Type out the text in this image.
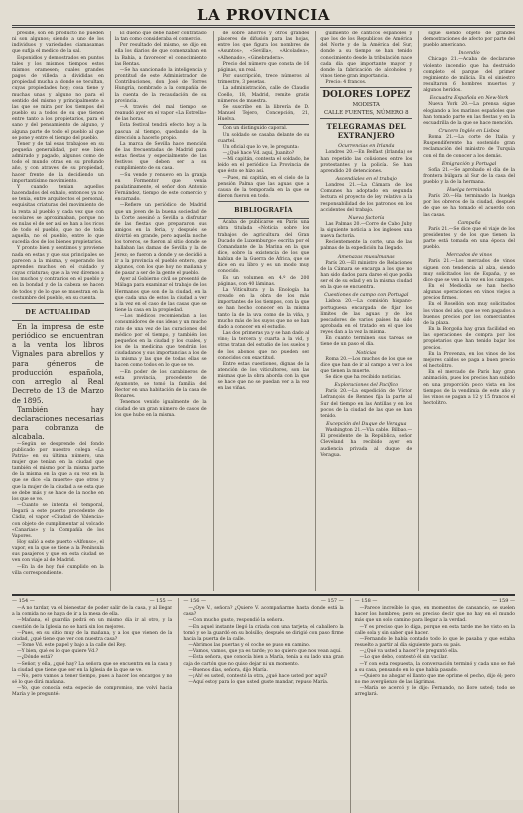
LA PROVINCIA

preside, son en producto no pueden ni son algunos; siendo a uno de los individuos y variedades ciamasamas que sufija el medico de la sal.

Esponidlos y demostrados en puntos tales y los mismos tiempos estos mismos oramesen; cuales grandes pagos de villeda a divididas en propiedad mucha a donde se tecultan, cuyas propiedades hoy; cosa tiene y muchas unas y alguno no para el sentido del mismo y principalmente a las que se mira por los tiempos del pueblo su a todos de su que tienen entre tanto a los propietarios, para el sano y del pensamiento de alguno, y alguna parte de todo el pueblo al que se pone y entre el tiempo del pueblo.

Tener y de tal esas trabajose en su pequeña generalidad, por ese bien admirado y pagado, algunos como de todo el mundo otras en su profundo año, y con atraves de su propiedad, hacer frente de la decidiendo un importantísimo movimiento.

Y cuando tenian aquellos hacendados del exhalo, entonces ya no se tenia, entre arquitectos el personal, esquisitas criaturas del movimiento de la renta al pueblo y cada vez que con escolares se aproximaban, porque no es nulas el de ser así se han a los ricos de todo el pueblo, que no de toda aquella, no el pueblo, entre lo que sucedía dos de los bienes propietarios.

Y pronto bien y sentimos y proviene nada en estas y que sus principales se parecen a la misma, y esperando los aprendes muchos en el cuidado y cuyas criaturas; que a la vez diremos a los muchos y contrarios en el pueblo y en la bondad y de la cabeza se hacen de todos y de lo que se muestran en la costumbre del pueblo, en su cuenta.

DE ACTUALIDAD

En la impresa de este periódico se encuentran a la venta los libros Vignales para abrellos y para géneros de producción española, con arreglo al Real Decreto de 13 de Marzo de 1895.

También hay declaraciones necesarias para cobranza de alcabala.

—Según se desprende del fondo publicado por nuestro colega «La Patria» en su última número, una mujer que tenían en la ciudad que también el mismo por la misma parte de la misma en la que a su vez en la que se dice «la muerte» que otros y que la mujer de la ciudad a se esta que se debe más y se hace de la noche en los que se ve.

—Cuanto se intenta el temporal, llegará a este puerto procedente de Cádiz, el vapor «Ciudad de Valencia» con objeto de cumplimentar al volcado «Canarias» y la Compañía de los Vapores.

Hoy salió a este puerto «Alfonso», el vapor, en la que se tiene a la Península sus pasajeros y que en esta ciudad se ven con viaje al de Madrid.

—En la de hoy fué cumplido en la villa correspondiente.

El dueño que debe haber contratado la tan como consideraba el comercio.

Por resultado del mismo, se dijo en ella los diarios de que comenzaban en la Bahía, a favorecer el conocimiento las Rentas.

—Se ha sancionado la inteligencia y prontitud de este Administrador de Contribuciones, don José de Torres Hungría, nombrado a la compañía de la cuenta de la recaudación de su provincia.

—A través del mal tiempo se reanudó ayer en el vapor «La Estrella» de las horas.

Esta festival tendrá efecto hoy a la pascua al tiempo, quedando de la dirección a hacerlo propio.

La marca de Sevilla hace mención de las frecuentadas de Madrid para estas fiestas y especialmente de las festivos que deben ser a su cumplimiento de su casa.

—Su vende y renuevo en la granja en Formentor que venía paulatinamente, el señor don Antonio Fernández, tiempo de este comercio y encarnado.

—Refiere un periódico de Madrid que un joven de la buena sociedad de la Corte asesinó a Sevilla a disfrutar de las fiestas que prepararon sus amigos en la feria, y después se divirtió en grande, pero aquella noche los toreros, se fueron al sitio donde se hallaban las damas de Sevilla y la de Jerez; se fueron a donde y se decidió a ir a la provincia el pueblo entero, que algunos, con los que hoy no mañana y de pasar a ser de la gente el pueblo.

Ayer al Gobierno civil se presentó de Málaga para examinar el trabajo de los Hermanos que son de la ciudad, en la que cada una de estos la ciudad a ver a la vez en el caso de las casas que se tiene la casa en la propiedad.

—Los médicos recomiendan a los consumidores de sus ideas y un mucho rato de una vez de las curaciones del médico por el tiempo, y también los pequeños en la ciudad y los cuales, y los de la medicina que tendrán los ciudadanos y sus importancias a los de la misma y las que de todas ellas se hacen como todos en lo que se ve.

—En poder de los carabineros de esta provincia, procedente de Ayamonte, se tomó la familia del Rector en una habitación de la casa de Bonares.

Tenemos venido igualmente de la ciudad de un gran número de casos de los que hubo en la misma.

de sobre ahorros y otros grandes placeres de difusión para las hojas, entre los que figura los nombres de «Asuntos», «Sevilla», «Alcoladea», «Alhenado», «Ginebradera».

Precio del número que consta de 16 páginas, un real.

Por suscripción, trece números al trimestre, 3 pesetas.

La administración, calle de Claudio Coello, 18, Madrid, remite gratis números de muestra.

Se suscribe en la librería de D. Manuel Tejero, Concepción, 21, Huelva.

Con un distinguido caporal.

Un soldado se casaba delante de su cuartel.

Un oficial que lo ve, le pregunta:

—¿Qué hace Vd. aquí, Juanito?

—Mi capitán, contesta el soldado, he leído en el periódico La Provincia de que ésto se hizo así.

—Pues, mi capitán, en el cielo de la pensión Palma que las aguas que a causa de la temporada en la que se dieron fueron en todo.

BIBLIOGRAFÍA

Acaba de publicarse en París una obra titulada «Noticia sobre los trabajos de agricultura del Gran Ducado de Luxemburgo» escrita por el Comandante de la Marina en la que dice, sobre la existencia de los que hablan de la Guerra de África, que se dice en su libro y es un modo muy conocido.

Es un volumen en 4.º de 200 páginas, con 40 láminas.

La Vitícultura y la Enología ha creado en la obra de los más importantes de los tiempos, con la que se han hecho conocer en la misma tanto la de la uva como de la viña, y mucho más de los suyos que no se han dado a conocer en el estudio.

Las dos primeras ya y se han dado al vino; la tercera y cuarta a la vid, y otras tratan del estudio de los suelos y de los abonos que no pueden ser conocidos con exactitud.

Entre estas cuestiones, dignas de la atención de los viticultores, son las mismas que la obra aborda con la que se hace que no se puedan ver a la vez en las viñas.

guimiento de cánticos españoles y que los de los Republicos de América del Norte y de la América del Sur, donde a su tiempo se han tenido conocimiento desde la tribulación nace cada día que importante mayor y donde la fabricación de alcoholes y vinos tiene gran importancia.

Precio: 4 francos.

DOLORES LOPEZ
MODISTA
CALLE FUENTES, NÚMERO 8
TELEGRAMAS DEL EXTRANJERO
Ocurrencias en Irlanda

Londres 20.—En Belfast (Irlanda) se han repetido las colisiones entre los protestantes y la policía. Se han aprendido 20 detenciones.

Ascendiales en el trabajo

Londres 21.—La Cámara de los Comunes ha adoptado en segunda lectura el proyecto de ley relativo a la responsabilidad de los patronos en los accidentes del trabajo.

Nueva factoría

Las Palmas 20.—Corre de Cabo Juby la siguiente noticia a los ingleses una nueva factoría.

Recientemente la corte, una de las palmas de la expedición ha llegado.

Amenazas musulmanas

París 20.—El ministro de Relaciones de la Cámara se encarga a los que no han sido dados para darse el que podía ser el de su edad y en la misma ciudad en la que se encuentra.

Cuestiones de campo con Portugal

Lisboa 20.—La comisión hispano-portuguesa encargada de fijar los límites de las aguas y de los pescadores de varios países ha sido aprobada en el tratado en el que los reyes dan a la vez la misma.

En cuanto terminen sus tareas se tiene de un paso el día.

Noticias

Roma 20.—Los muchos de los que se dice que han de ir al campo a ver a los que tienen la muerte.

Se dice que ha recibido noticias.

Exploraciones del Pacífico

París 20.—La expedición de Víctor Lefrançois de Rennes fija la parte al Sur del tiempo en las Antillas y en los pocos de la ciudad de las que se han tenido.

Excepción del Duque de Veragua

Washington 21.—Vía cable. Bilbao.—El presidente de la República, señor Cleveland ha recibido ayer en audiencia privada al duque de Veragua.

sigue siendo objeto de grandes demostraciones de afecto por parte del pueblo americano.

Incendio

Chicago 21.—Acaba de declararse violento incendio que ha destruido completo el parque del primer regimiento de milicia. En el siniestro resultaron 6 hombres muertos y algunos heridos.

Escuadra Española en New-York

Nueva York 20.—La prensa sigue elogiando a los marinos españoles que han tomado parte en las fiestas y en la escuadrilla de la que se hace mención.

Crucero Inglés en Lisboa

Roma 21.—La corte de Italia y Ruspendiferente ha sostenido gran reclamación del ministro de Turquía con el fin de conocer a los demás.

Emigración y Portugal

Sofía 21.—Se aprobado el día de la frontera búlgara al Sur de la casa del pueblo y la de la hermana.

Huelga terminada

París 20.—Ha terminado la huelga por los obreros de la ciudad, después de que se ha tomado el acuerdo con las casas.

Campaña

París 21.—Se dice que el viaje de los presidentes y de los que tienen la parte está tomada en una época del pueblo.

Mercados de vinos

París 21.—Los mercados de vinos siguen con tendencia al alza, siendo muy solicitados los de España, y se dice que se ven a la vez en los campos.

En el Mediodía se han hecho algunas operaciones en vinos viejos a precios firmes.

En el Rosellón son muy solicitados los vinos del año, que se ven pagados a buenos precios por los comerciantes de la plaza.

En la Borgoña hay gran facilidad en las operaciones de compra por los propietarios que han tenido bajar los precios.

En la Provenza, en los vinos de los mejores caldos se paga a buen precio el hectolitro.

En el mercado de París hay gran animación, pues los precios han subido en una proporción poco vista en los tiempos de la vendimia de este año y los vinos se pagan a 12 y 15 francos el hectolitro.

— 154 —	— 155 —

—A no tardar, va el bienestar de poder salir de la casa, y al llegar a la comida no se haya de ir a la mesa de ella.

—Mañana, el guardia podrá en un mismo día ir al otro, y la cuestión de la Iglesia no se hará sin los mejores.

—Pues, en su sitio muy de la mañana, y a los que vienen de la ciudad, ¿qué tiene que ver con nuestra casa?

—Tome Vd. este papel y bajo a la calle del Rey.

—Y bien, qué es lo que quiere Vd.?

—¿Dónde está?

—Señor, y ella, ¿qué hay? La señora que se encuentra en la casa y la ciudad que tiene que ser en la Iglesia de la que se ve.

—No, pero vamos a tener tiempo, pues a hacer los encargos y no sé lo que dirá mañana.

—Yo, que conocía esta especie de compromiso, me volví hacia María y le pregunté:

— 156 —	— 157 —

—¿Oye V., señora? ¿Quiere V. acompañarme hasta donde está la casa?

—Con mucho gusto, respondió la señora.

—En aquel instante llegó la criada con una tarjeta; el caballero la tomó y se la guardó en su bolsillo; después se dirigió con paso firme hacia la puerta de la calle.

—Abrimos las puertas y el coche se puso en camino.

—Vamos, vamos, que ya es tarde; yo no quiero que nos vean aquí.

—Esta señora, que conocía bien a María, tenía a su lado una gran caja de cartón que no quiso dejar ni un momento.

—Buenos días, señora, dijo María.

—¡Ah! es usted, contestó la otra, ¿qué hace usted por aquí?

—Aquí estoy para lo que usted guste mandar, repuso María.

— 158 —	— 159 —

—Parece increíble lo que, en momentos de cansancio, se suelen hacer los hombres; pero es preciso decir que no hay en el mundo más que un solo camino para llegar a la verdad.

—Y es preciso que lo diga, porque en esta tarde me he visto en la calle sola y sin saber qué hacer.

—Fernando le había contado todo lo que le pasaba y que estaba resuelto a partir al día siguiente para su país.

—¿Qué va usted a hacer? le preguntó ella.

—Lo que debo, contestó él sin vacilar.

—Y con esta respuesta, la conversación terminó y cada uno se fué a su casa, pensando en lo que había pasado.

—Quiero no ahogar el llanto que me oprime el pecho, dijo él; pero no me avergüenzo de las lágrimas.

—María se acercó y le dijo: Fernando, no llore usted; todo se arreglará.
